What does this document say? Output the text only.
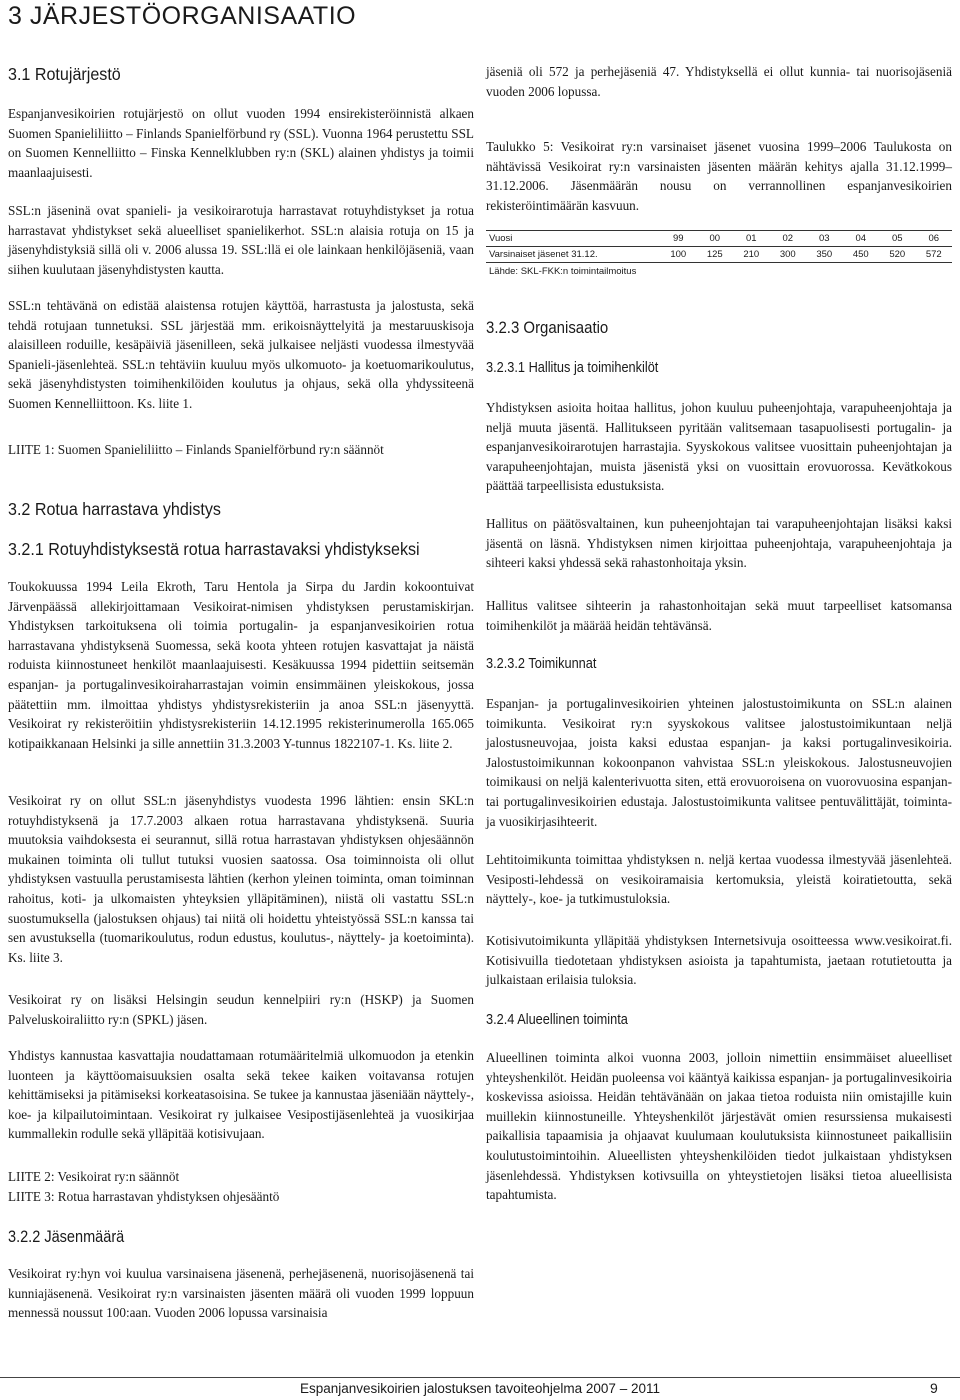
3 JÄRJESTÖORGANISAATIO
3.1 Rotujärjestö

Espanjanvesikoirien rotujärjestö on ollut vuoden 1994 ensirekisteröinnistä alkaen Suomen Spanieliliitto – Finlands Spanielförbund ry (SSL). Vuonna 1964 perustettu SSL on Suomen Kennelliitto – Finska Kennelklubben ry:n (SKL) alainen yhdistys ja toimii maanlaajuisesti.

SSL:n jäseninä ovat spanieli- ja vesikoirarotuja harrastavat rotuyhdistykset ja rotua harrastavat yhdistykset sekä alueelliset spanielikerhot. SSL:n alaisia rotuja on 15 ja jäsenyhdistyksiä sillä oli v. 2006 alussa 19. SSL:llä ei ole lainkaan henkilöjäseniä, vaan siihen kuulutaan jäsenyhdistysten kautta.

SSL:n tehtävänä on edistää alaistensa rotujen käyttöä, harrastusta ja jalostusta, sekä tehdä rotujaan tunnetuksi. SSL järjestää mm. erikoisnäyttelyitä ja mestaruuskisoja alaisilleen roduille, kesäpäiviä jäsenilleen, sekä julkaisee neljästi vuodessa ilmestyvää Spanieli-jäsenlehteä. SSL:n tehtäviin kuuluu myös ulkomuoto- ja koetuomarikoulutus, sekä jäsenyhdistysten toimihenkilöiden koulutus ja ohjaus, sekä olla yhdyssiteenä Suomen Kennelliittoon. Ks. liite 1.

LIITE 1: Suomen Spanieliliitto – Finlands Spanielförbund ry:n säännöt

3.2 Rotua harrastava yhdistys
3.2.1 Rotuyhdistyksestä rotua harrastavaksi yhdistykseksi

Toukokuussa 1994 Leila Ekroth, Taru Hentola ja Sirpa du Jardin kokoontuivat Järvenpäässä allekirjoittamaan Vesikoirat-nimisen yhdistyksen perustamiskirjan. Yhdistyksen tarkoituksena oli toimia portugalin- ja espanjanvesikoirien rotua harrastavana yhdistyksenä Suomessa, sekä koota yhteen rotujen kasvattajat ja näistä roduista kiinnostuneet henkilöt maanlaajuisesti. Kesäkuussa 1994 pidettiin seitsemän espanjan- ja portugalinvesikoiraharrastajan voimin ensimmäinen yleiskokous, jossa päätettiin mm. ilmoittaa yhdistys yhdistysrekisteriin ja anoa SSL:n jäsenyyttä. Vesikoirat ry rekisteröitiin yhdistysrekisteriin 14.12.1995 rekisterinumerolla 165.065 kotipaikkanaan Helsinki ja sille annettiin 31.3.2003 Y-tunnus 1822107-1. Ks. liite 2.

Vesikoirat ry on ollut SSL:n jäsenyhdistys vuodesta 1996 lähtien: ensin SKL:n rotuyhdistyksenä ja 17.7.2003 alkaen rotua harrastavana yhdistyksenä. Suuria muutoksia vaihdoksesta ei seurannut, sillä rotua harrastavan yhdistyksen ohjesäännön mukainen toiminta oli tullut tutuksi vuosien saatossa. Osa toiminnoista oli ollut yhdistyksen vastuulla perustamisesta lähtien (kerhon yleinen toiminta, oman toiminnan rahoitus, koti- ja ulkomaisten yhteyksien ylläpitäminen), niistä oli vastattu SSL:n suostumuksella (jalostuksen ohjaus) tai niitä oli hoidettu yhteistyössä SSL:n kanssa tai sen avustuksella (tuomarikoulutus, rodun edustus, koulutus-, näyttely- ja koetoiminta). Ks. liite 3.

Vesikoirat ry on lisäksi Helsingin seudun kennelpiiri ry:n (HSKP) ja Suomen Palveluskoiraliitto ry:n (SPKL) jäsen.

Yhdistys kannustaa kasvattajia noudattamaan rotumääritelmiä ulkomuodon ja etenkin luonteen ja käyttöomaisuuksien osalta sekä tekee kaiken voitavansa rotujen kehittämiseksi ja pitämiseksi korkeatasoisina. Se tukee ja kannustaa jäseniään näyttely-, koe- ja kilpailutoimintaan. Vesikoirat ry julkaisee Vesipostijäsenlehteä ja vuosikirjaa kummallekin rodulle sekä ylläpitää kotisivujaan.

LIITE 2: Vesikoirat ry:n säännöt

LIITE 3: Rotua harrastavan yhdistyksen ohjesääntö

3.2.2 Jäsenmäärä

Vesikoirat ry:hyn voi kuulua varsinaisena jäsenenä, perhejäsenenä, nuorisojäsenenä tai kunniajäsenenä. Vesikoirat ry:n varsinaisten jäsenten määrä oli vuoden 1999 loppuun mennessä noussut 100:aan. Vuoden 2006 lopussa varsinaisia

jäseniä oli 572 ja perhejäseniä 47. Yhdistyksellä ei ollut kunnia- tai nuorisojäseniä vuoden 2006 lopussa.

Taulukko 5: Vesikoirat ry:n varsinaiset jäsenet vuosina 1999–2006 Taulukosta on nähtävissä Vesikoirat ry:n varsinaisten jäsenten määrän kehitys ajalla 31.12.1999–31.12.2006. Jäsenmäärän nousu on verrannollinen espanjanvesikoirien rekisteröintimäärän kasvuun.

3.2.3 Organisaatio
3.2.3.1 Hallitus ja toimihenkilöt

Yhdistyksen asioita hoitaa hallitus, johon kuuluu puheenjohtaja, varapuheenjohtaja ja neljä muuta jäsentä. Hallitukseen pyritään valitsemaan tasapuolisesti portugalin- ja espanjanvesikoirarotujen harrastajia. Syyskokous valitsee vuosittain puheenjohtajan ja varapuheenjohtajan, muista jäsenistä yksi on vuosittain erovuorossa. Kevätkokous päättää tarpeellisista edustuksista.

Hallitus on päätösvaltainen, kun puheenjohtajan tai varapuheenjohtajan lisäksi kaksi jäsentä on läsnä. Yhdistyksen nimen kirjoittaa puheenjohtaja, varapuheenjohtaja ja sihteeri kaksi yhdessä sekä rahastonhoitaja yksin.

Hallitus valitsee sihteerin ja rahastonhoitajan sekä muut tarpeelliset katsomansa toimihenkilöt ja määrää heidän tehtävänsä.

3.2.3.2 Toimikunnat

Espanjan- ja portugalinvesikoirien yhteinen jalostustoimikunta on SSL:n alainen toimikunta. Vesikoirat ry:n syyskokous valitsee jalostustoimikuntaan neljä jalostusneuvojaa, joista kaksi edustaa espanjan- ja kaksi portugalinvesikoiria. Jalostustoimikunnan kokoonpanon vahvistaa SSL:n yleiskokous. Jalostusneuvojien toimikausi on neljä kalenterivuotta siten, että erovuoroisena on vuorovuosina espanjan- tai portugalinvesikoirien edustaja. Jalostustoimikunta valitsee pentuvälittäjät, toiminta- ja vuosikirjasihteerit.

Lehtitoimikunta toimittaa yhdistyksen n. neljä kertaa vuodessa ilmestyvää jäsenlehteä. Vesiposti-lehdessä on vesikoiramaisia kertomuksia, yleistä koiratietoutta, sekä näyttely-, koe- ja tutkimustuloksia.

Kotisivutoimikunta ylläpitää yhdistyksen Internetsivuja osoitteessa www.vesikoirat.fi. Kotisivuilla tiedotetaan yhdistyksen asioista ja tapahtumista, jaetaan rotutietoutta ja julkaistaan erilaisia tuloksia.

3.2.4 Alueellinen toiminta

Alueellinen toiminta alkoi vuonna 2003, jolloin nimettiin ensimmäiset alueelliset yhteyshenkilöt. Heidän puoleensa voi kääntyä kaikissa espanjan- ja portugalinvesikoiria koskevissa asioissa. Heidän tehtävänään on jakaa tietoa roduista niin omistajille kuin muillekin kiinnostuneille. Yhteyshenkilöt järjestävät omien resurssiensa mukaisesti paikallisia tapaamisia ja ohjaavat kuulumaan koulutuksista kiinnostuneet paikallisiin koulutustoimintoihin. Alueellisten yhteyshenkilöiden tiedot julkaistaan yhdistyksen jäsenlehdessä. Yhdistyksen kotivsuilla on yhteystietojen lisäksi tietoa alueellisista tapahtumista.

Vuosi	99	00	01	02	03	04	05	06
Varsinaiset jäsenet 31.12.	100	125	210	300	350	450	520	572
Lähde: SKL-FKK:n toimintailmoitus
Espanjanvesikoirien jalostuksen tavoiteohjelma 2007 – 2011	9
